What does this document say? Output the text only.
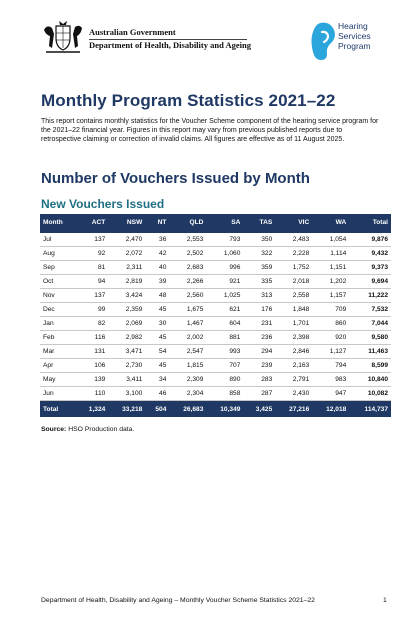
Australian Government
Department of Health, Disability and Ageing
Hearing
Services
Program
Monthly Program Statistics 2021–22
This report contains monthly statistics for the Voucher Scheme component of the hearing service program for the 2021–22 financial year. Figures in this report may vary from previous published reports due to retrospective claiming or correction of invalid claims. All figures are effective as of 11 August 2025.
Number of Vouchers Issued by Month
New Vouchers Issued
Month	ACT	NSW	NT	QLD	SA	TAS	VIC	WA	Total
Jul	137	2,470	36	2,553	793	350	2,483	1,054	9,876
Aug	92	2,072	42	2,502	1,060	322	2,228	1,114	9,432
Sep	81	2,311	40	2,683	996	359	1,752	1,151	9,373
Oct	94	2,819	39	2,266	921	335	2,018	1,202	9,694
Nov	137	3,424	48	2,560	1,025	313	2,558	1,157	11,222
Dec	99	2,359	45	1,675	621	176	1,848	709	7,532
Jan	82	2,069	30	1,467	604	231	1,701	860	7,044
Feb	116	2,982	45	2,002	881	236	2,398	920	9,580
Mar	131	3,471	54	2,547	993	294	2,846	1,127	11,463
Apr	106	2,730	45	1,815	707	239	2,163	794	8,599
May	139	3,411	34	2,309	890	283	2,791	983	10,840
Jun	110	3,100	46	2,304	858	287	2,430	947	10,082
Total	1,324	33,218	504	26,683	10,349	3,425	27,216	12,018	114,737
Source: HSO Production data.
Department of Health, Disability and Ageing – Monthly Voucher Scheme Statistics 2021–22	1
